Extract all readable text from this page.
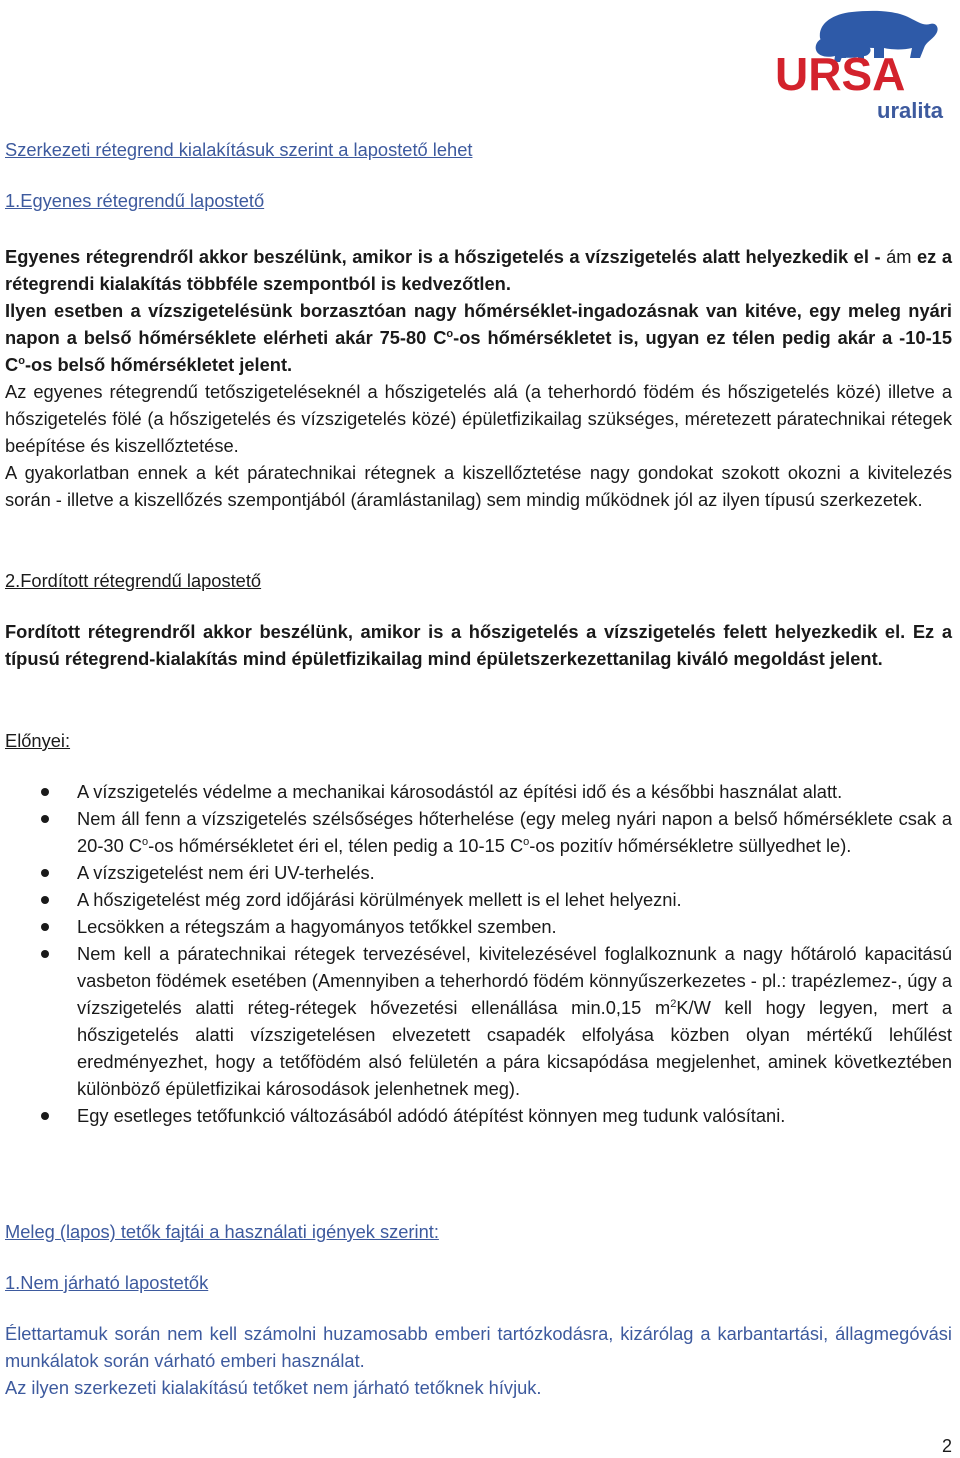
URSA
uralita
Szerkezeti rétegrend kialakításuk szerint a lapostető lehet
1.Egyenes rétegrendű lapostető

Egyenes rétegrendről akkor beszélünk, amikor is a hőszigetelés a vízszigetelés alatt helyezkedik el - ám ez a rétegrendi kialakítás többféle szempontból is kedvezőtlen.

Ilyen esetben a vízszigetelésünk borzasztóan nagy hőmérséklet-ingadozásnak van kitéve, egy meleg nyári napon a belső hőmérséklete elérheti akár 75-80 $C^o-os$ hőmérsékletet is, ugyan ez télen pedig akár a -10-15 $C^o-os$ belső hőmérsékletet jelent.

Az egyenes rétegrendű tetőszigeteléseknél a hőszigetelés alá (a teherhordó födém és hőszigetelés közé) illetve a hőszigetelés fölé (a hőszigetelés és vízszigetelés közé) épületfizikailag szükséges, méretezett páratechnikai rétegek beépítése és kiszellőztetése.

A gyakorlatban ennek a két páratechnikai rétegnek a kiszellőztetése nagy gondokat szokott okozni a kivitelezés során - illetve a kiszellőzés szempontjából (áramlástanilag) sem mindig működnek jól az ilyen típusú szerkezetek.

2.Fordított rétegrendű lapostető
Fordított rétegrendről akkor beszélünk, amikor is a hőszigetelés a vízszigetelés felett helyezkedik el. Ez a típusú rétegrend-kialakítás mind épületfizikailag mind épületszerkezettanilag kiváló megoldást jelent.
Előnyei:
A vízszigetelés védelme a mechanikai károsodástól az építési idő és a későbbi használat alatt.
Nem áll fenn a vízszigetelés szélsőséges hőterhelése (egy meleg nyári napon a belső hőmérséklete csak a 20-30 $C^o-os$ hőmérsékletet éri el, télen pedig a 10-15 $C^o-os$ pozitív hőmérsékletre süllyedhet le).
A vízszigetelést nem éri UV-terhelés.
A hőszigetelést még zord időjárási körülmények mellett is el lehet helyezni.
Lecsökken a rétegszám a hagyományos tetőkkel szemben.
Nem kell a páratechnikai rétegek tervezésével, kivitelezésével foglalkoznunk a nagy hőtároló kapacitású vasbeton födémek esetében (Amennyiben a teherhordó födém könnyűszerkezetes - pl.: trapézlemez-, úgy a vízszigetelés alatti réteg-rétegek hővezetési ellenállása min.0,15 $m^2K/W$ kell hogy legyen, mert a hőszigetelés alatti vízszigetelésen elvezetett csapadék elfolyása közben olyan mértékű lehűlést eredményezhet, hogy a tetőfödém alsó felületén a pára kicsapódása megjelenhet, aminek következtében különböző épületfizikai károsodások jelenhetnek meg).
Egy esetleges tetőfunkció változásából adódó átépítést könnyen meg tudunk valósítani.
Meleg (lapos) tetők fajtái a használati igények szerint:
1.Nem járható lapostetők

Élettartamuk során nem kell számolni huzamosabb emberi tartózkodásra, kizárólag a karbantartási, állagmegóvási munkálatok során várható emberi használat.

Az ilyen szerkezeti kialakítású tetőket nem járható tetőknek hívjuk.

2
